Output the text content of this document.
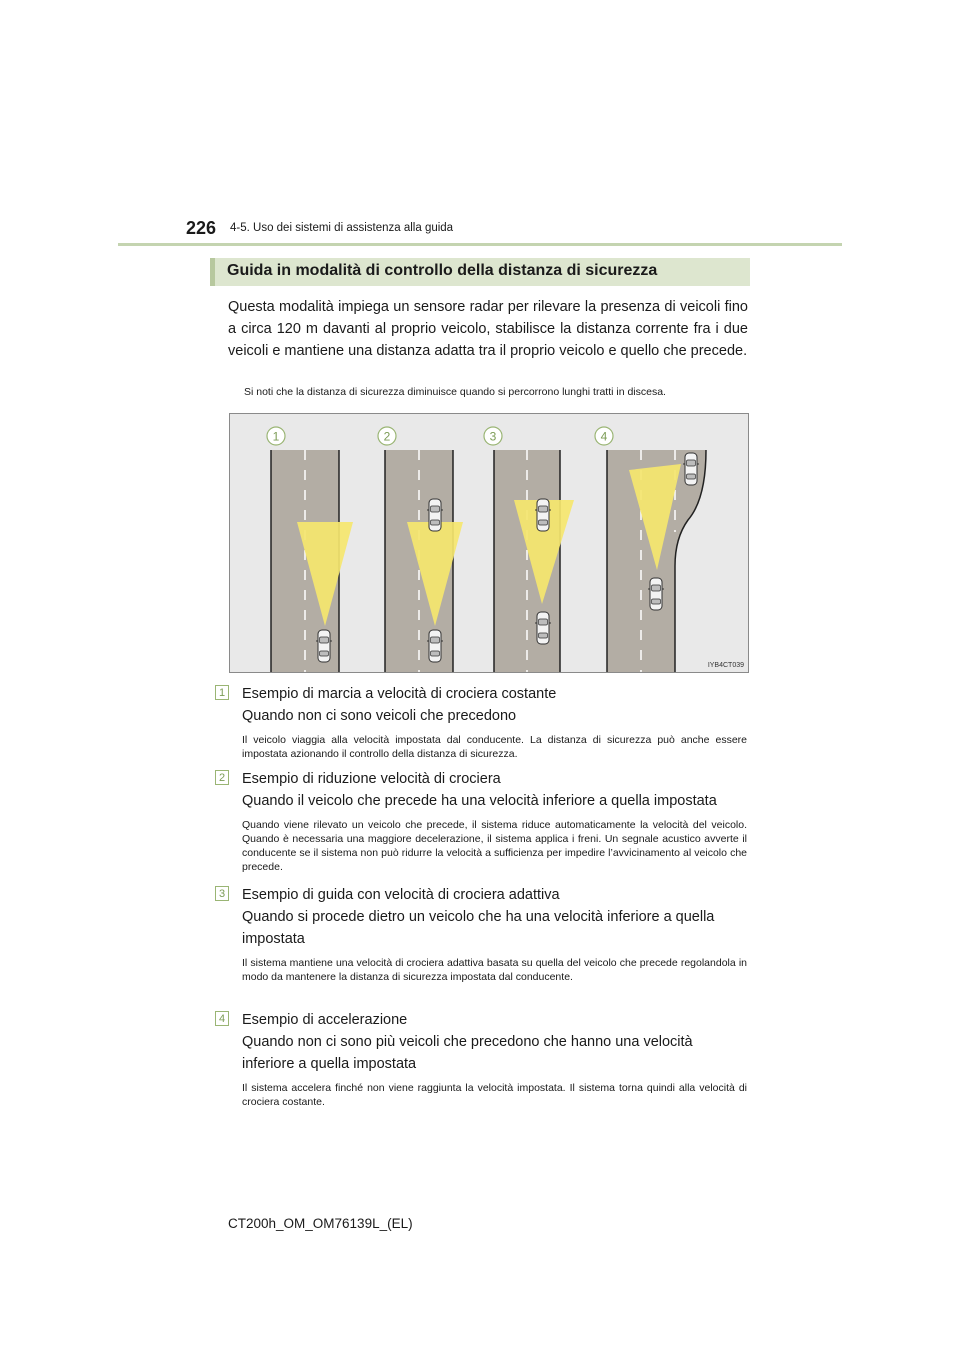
226 4-5. Uso dei sistemi di assistenza alla guida
Guida in modalità di controllo della distanza di sicurezza
Questa modalità impiega un sensore radar per rilevare la presenza di veicoli fino a circa 120 m davanti al proprio veicolo, stabilisce la distanza corrente fra i due veicoli e mantiene una distanza adatta tra il proprio veicolo e quello che precede.
Si noti che la distanza di sicurezza diminuisce quando si percorrono lunghi tratti in discesa.
1	2	3	4
IYB4CT039
1 Esempio di marcia a velocità di crociera costante
Quando non ci sono veicoli che precedono
Il veicolo viaggia alla velocità impostata dal conducente. La distanza di sicurezza può anche essere impostata azionando il controllo della distanza di sicurezza.
2 Esempio di riduzione velocità di crociera
Quando il veicolo che precede ha una velocità inferiore a quella impostata
Quando viene rilevato un veicolo che precede, il sistema riduce automaticamente la velocità del veicolo. Quando è necessaria una maggiore decelerazione, il sistema applica i freni. Un segnale acustico avverte il conducente se il sistema non può ridurre la velocità a sufficienza per impedire l’avvicinamento al veicolo che precede.
3 Esempio di guida con velocità di crociera adattiva
Quando si procede dietro un veicolo che ha una velocità inferiore a quella impostata
Il sistema mantiene una velocità di crociera adattiva basata su quella del veicolo che precede regolandola in modo da mantenere la distanza di sicurezza impostata dal conducente.
4 Esempio di accelerazione
Quando non ci sono più veicoli che precedono che hanno una velocità inferiore a quella impostata
Il sistema accelera finché non viene raggiunta la velocità impostata. Il sistema torna quindi alla velocità di crociera costante.
CT200h_OM_OM76139L_(EL)
